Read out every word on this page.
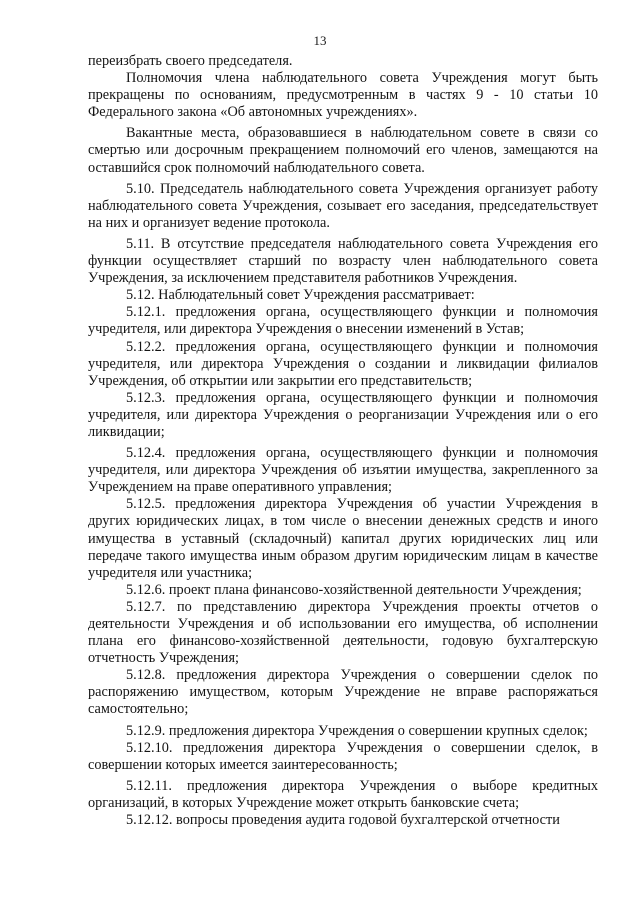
13

переизбрать своего председателя.

Полномочия члена наблюдательного совета Учреждения могут быть прекращены по основаниям, предусмотренным в частях 9 - 10 статьи 10 Федерального закона «Об автономных учреждениях».

Вакантные места, образовавшиеся в наблюдательном совете в связи со смертью или досрочным прекращением полномочий его членов, замещаются на оставшийся срок полномочий наблюдательного совета.

5.10. Председатель наблюдательного совета Учреждения организует работу наблюдательного совета Учреждения, созывает его заседания, председательствует на них и организует ведение протокола.

5.11. В отсутствие председателя наблюдательного совета Учреждения его функции осуществляет старший по возрасту член наблюдательного совета Учреждения, за исключением представителя работников Учреждения.

5.12. Наблюдательный совет Учреждения рассматривает:

5.12.1. предложения органа, осуществляющего функции и полномочия учредителя, или директора Учреждения о внесении изменений в Устав;

5.12.2. предложения органа, осуществляющего функции и полномочия учредителя, или директора Учреждения о создании и ликвидации филиалов Учреждения, об открытии или закрытии его представительств;

5.12.3. предложения органа, осуществляющего функции и полномочия учредителя, или директора Учреждения о реорганизации Учреждения или о его ликвидации;

5.12.4. предложения органа, осуществляющего функции и полномочия учредителя, или директора Учреждения об изъятии имущества, закрепленного за Учреждением на праве оперативного управления;

5.12.5. предложения директора Учреждения об участии Учреждения в других юридических лицах, в том числе о внесении денежных средств и иного имущества в уставный (складочный) капитал других юридических лиц или передаче такого имущества иным образом другим юридическим лицам в качестве учредителя или участника;

5.12.6. проект плана финансово-хозяйственной деятельности Учреждения;

5.12.7. по представлению директора Учреждения проекты отчетов о деятельности Учреждения и об использовании его имущества, об исполнении плана его финансово-хозяйственной деятельности, годовую бухгалтерскую отчетность Учреждения;

5.12.8. предложения директора Учреждения о совершении сделок по распоряжению имуществом, которым Учреждение не вправе распоряжаться самостоятельно;

5.12.9. предложения директора Учреждения о совершении крупных сделок;

5.12.10. предложения директора Учреждения о совершении сделок, в совершении которых имеется заинтересованность;

5.12.11. предложения директора Учреждения о выборе кредитных организаций, в которых Учреждение может открыть банковские счета;

5.12.12. вопросы проведения аудита годовой бухгалтерской отчетности
